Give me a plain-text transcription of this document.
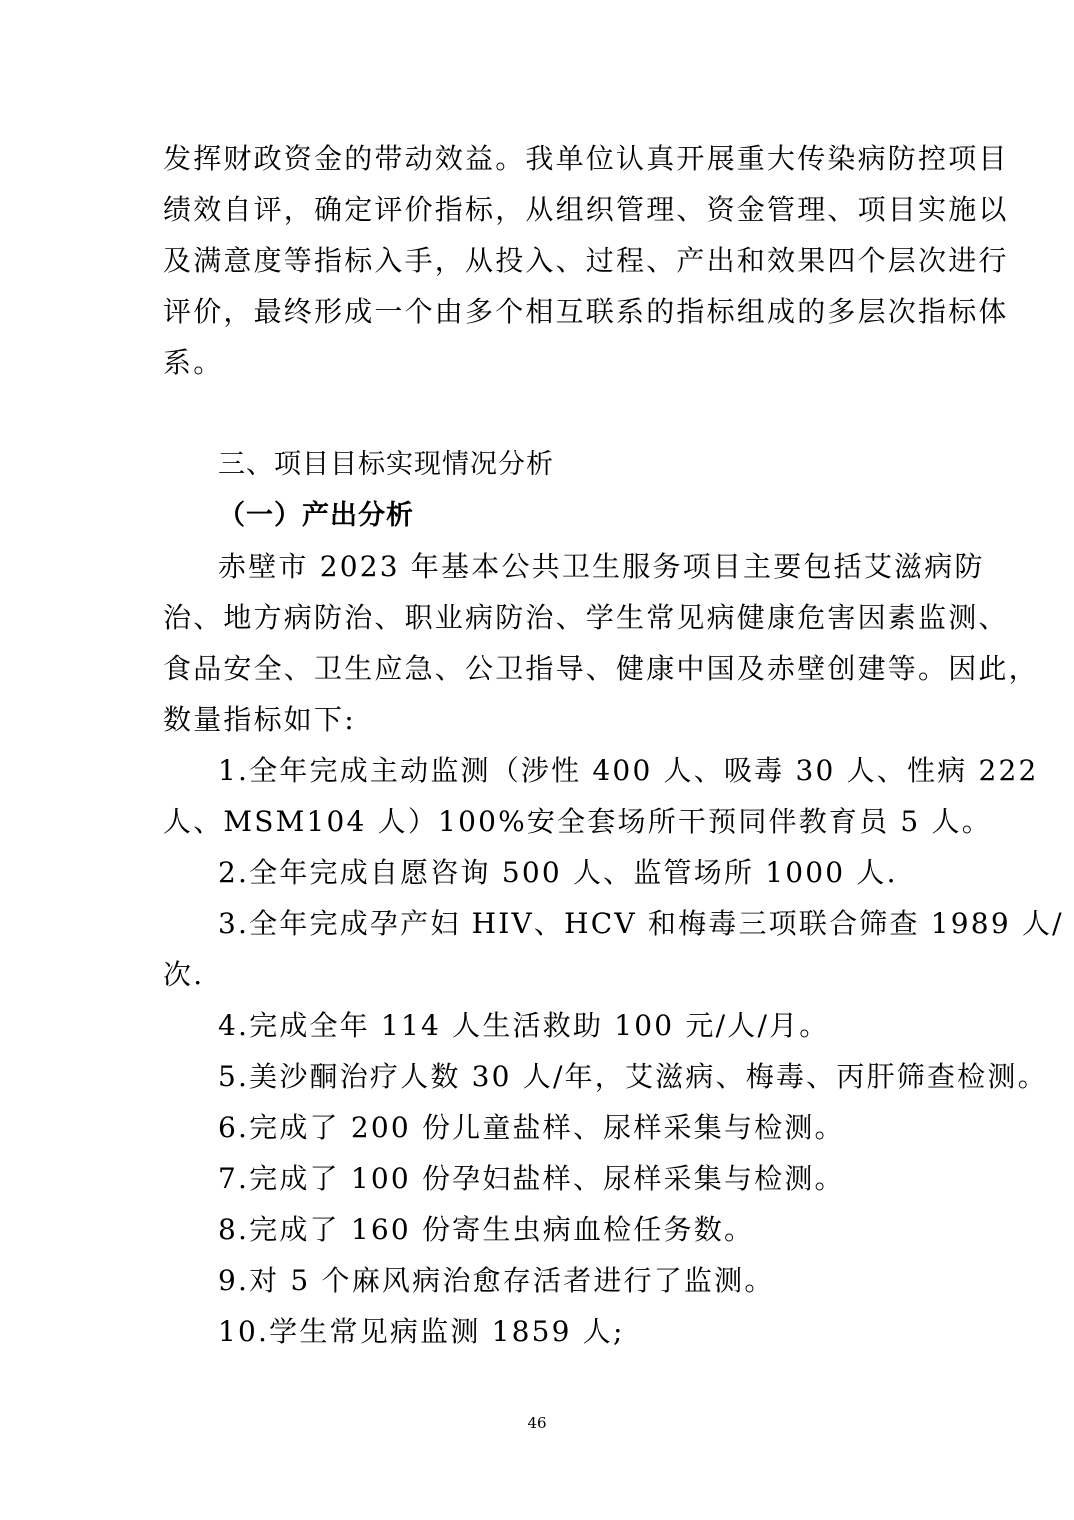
发挥财政资金的带动效益。我单位认真开展重大传染病防控项目
绩效自评，确定评价指标，从组织管理、资金管理、项目实施以
及满意度等指标入手，从投入、过程、产出和效果四个层次进行
评价，最终形成一个由多个相互联系的指标组成的多层次指标体
系。
三、项目目标实现情况分析
（一）产出分析
赤壁市 2023 年基本公共卫生服务项目主要包括艾滋病防
治、地方病防治、职业病防治、学生常见病健康危害因素监测、
食品安全、卫生应急、公卫指导、健康中国及赤壁创建等。因此，
数量指标如下:
1.全年完成主动监测（涉性 400 人、吸毒 30 人、性病 222
人、MSM104 人）100%安全套场所干预同伴教育员 5 人。
2.全年完成自愿咨询 500 人、监管场所 1000 人.
3.全年完成孕产妇 HIV、HCV 和梅毒三项联合筛查 1989 人/
次.
4.完成全年 114 人生活救助 100 元/人/月。
5.美沙酮治疗人数 30 人/年，艾滋病、梅毒、丙肝筛查检测。
6.完成了 200 份儿童盐样、尿样采集与检测。
7.完成了 100 份孕妇盐样、尿样采集与检测。
8.完成了 160 份寄生虫病血检任务数。
9.对 5 个麻风病治愈存活者进行了监测。
10.学生常见病监测 1859 人;
46
